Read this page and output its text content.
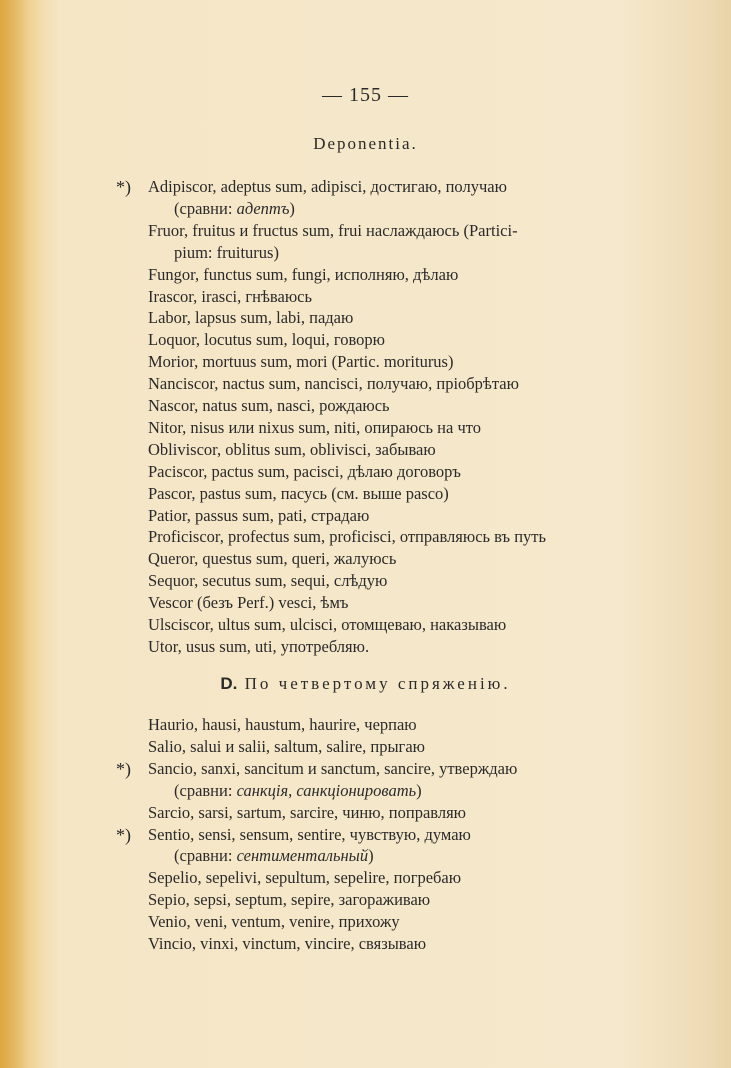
— 155 —
Deponentia.
*) Adipiscor, adeptus sum, adipisci, достигаю, получаю
(сравни: адептъ)
Fruor, fruitus и fructus sum, frui наслаждаюсь (Partici-
pium: fruiturus)
Fungor, functus sum, fungi, исполняю, дѣлаю
Irascor, irasci, гнѣваюсь
Labor, lapsus sum, labi, падаю
Loquor, locutus sum, loqui, говорю
Morior, mortuus sum, mori (Partic. moriturus)
Nanciscor, nactus sum, nancisci, получаю, пріобрѣтаю
Nascor, natus sum, nasci, рождаюсь
Nitor, nisus или nixus sum, niti, опираюсь на что
Obliviscor, oblitus sum, oblivisci, забываю
Paciscor, pactus sum, pacisci, дѣлаю договоръ
Pascor, pastus sum, пасусь (см. выше pasco)
Patior, passus sum, pati, страдаю
Proficiscor, profectus sum, proficisci, отправляюсь въ путь
Queror, questus sum, queri, жалуюсь
Sequor, secutus sum, sequi, слѣдую
Vescor (безъ Perf.) vesci, ѣмъ
Ulsciscor, ultus sum, ulcisci, отомщеваю, наказываю
Utor, usus sum, uti, употребляю.
D. По четвертому спряженію.
Haurio, hausi, haustum, haurire, черпаю
Salio, salui и salii, saltum, salire, прыгаю
*) Sancio, sanxi, sancitum и sanctum, sancire, утверждаю
(сравни: санкція, санкціонировать)
Sarcio, sarsi, sartum, sarcire, чиню, поправляю
*) Sentio, sensi, sensum, sentire, чувствую, думаю
(сравни: сентиментальный)
Sepelio, sepelivi, sepultum, sepelire, погребаю
Sepio, sepsi, septum, sepire, загораживаю
Venio, veni, ventum, venire, прихожу
Vincio, vinxi, vinctum, vincire, связываю
